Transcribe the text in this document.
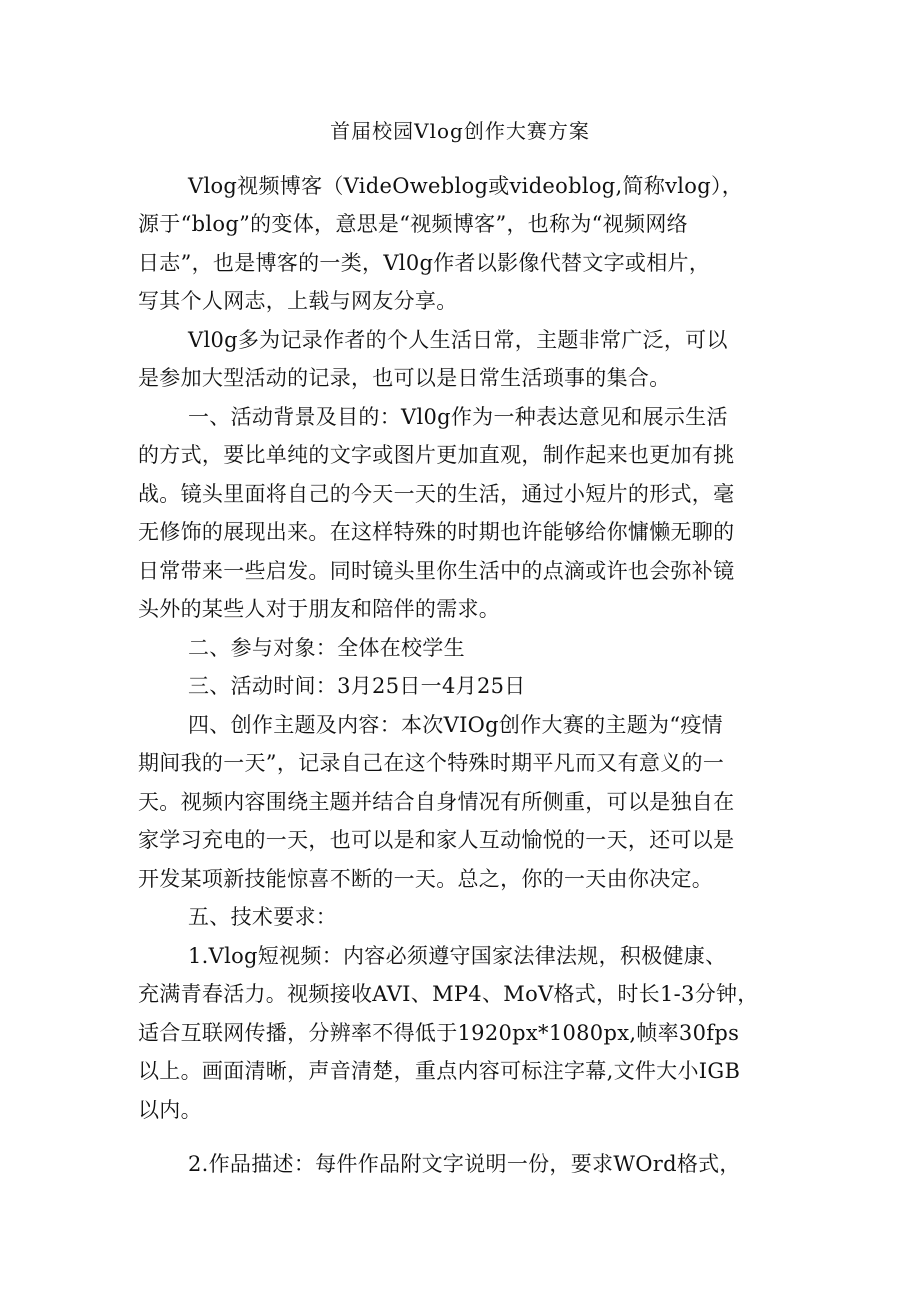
首届校园Vlog创作大赛方案

Vlog视频博客（VideOweblog或videoblog,简称vlog），

源于“blog”的变体，意思是“视频博客”，也称为“视频网络

日志”，也是博客的一类，Vl0g作者以影像代替文字或相片，

写其个人网志，上载与网友分享。

Vl0g多为记录作者的个人生活日常，主题非常广泛，可以

是参加大型活动的记录，也可以是日常生活琐事的集合。

一、活动背景及目的：Vl0g作为一种表达意见和展示生活

的方式，要比单纯的文字或图片更加直观，制作起来也更加有挑

战。镜头里面将自己的今天一天的生活，通过小短片的形式，毫

无修饰的展现出来。在这样特殊的时期也许能够给你慵懒无聊的

日常带来一些启发。同时镜头里你生活中的点滴或许也会弥补镜

头外的某些人对于朋友和陪伴的需求。

二、参与对象：全体在校学生

三、活动时间：3月25日一4月25日

四、创作主题及内容：本次VIOg创作大赛的主题为“疫情

期间我的一天”，记录自己在这个特殊时期平凡而又有意义的一

天。视频内容围绕主题并结合自身情况有所侧重，可以是独自在

家学习充电的一天，也可以是和家人互动愉悦的一天，还可以是

开发某项新技能惊喜不断的一天。总之，你的一天由你决定。

五、技术要求：

1.Vlog短视频：内容必须遵守国家法律法规，积极健康、

充满青春活力。视频接收AVI、MP4、MoV格式，时长1-3分钟，

适合互联网传播，分辨率不得低于1920px*1080px,帧率30fps

以上。画面清晰，声音清楚，重点内容可标注字幕,文件大小IGB

以内。

2.作品描述：每件作品附文字说明一份，要求WOrd格式，
